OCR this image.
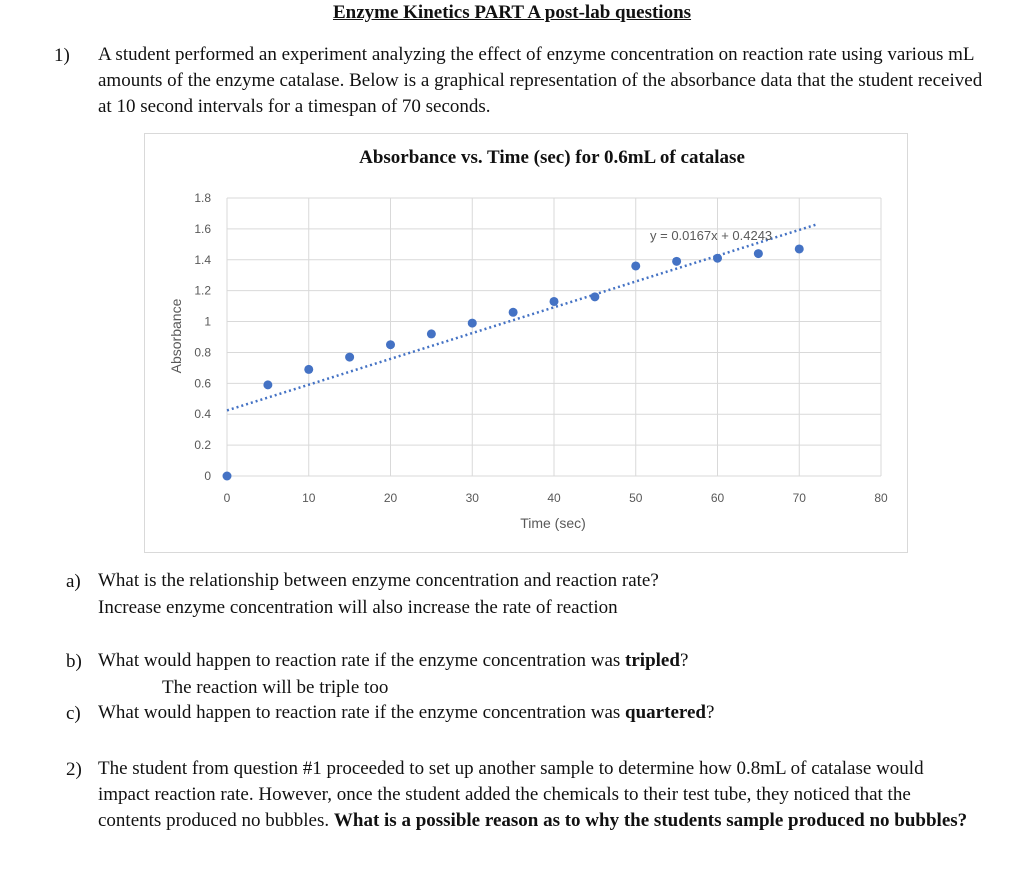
Enzyme Kinetics PART A post-lab questions
1) A student performed an experiment analyzing the effect of enzyme concentration on reaction rate using various mL amounts of the enzyme catalase. Below is a graphical representation of the absorbance data that the student received at 10 second intervals for a timespan of 70 seconds.
Absorbance vs. Time (sec) for 0.6mL of catalase
0	10	20	30	40	50	60	70	80
0
0.2
0.4
0.6
0.8
1
1.2
1.4
1.6
1.8
y = 0.0167x + 0.4243
Time (sec)
Absorbance
a) What is the relationship between enzyme concentration and reaction rate?
Increase enzyme concentration will also increase the rate of reaction
b) What would happen to reaction rate if the enzyme concentration was tripled?
The reaction will be triple too
c) What would happen to reaction rate if the enzyme concentration was quartered?
2) The student from question #1 proceeded to set up another sample to determine how 0.8mL of catalase would impact reaction rate. However, once the student added the chemicals to their test tube, they noticed that the contents produced no bubbles. What is a possible reason as to why the students sample produced no bubbles?
